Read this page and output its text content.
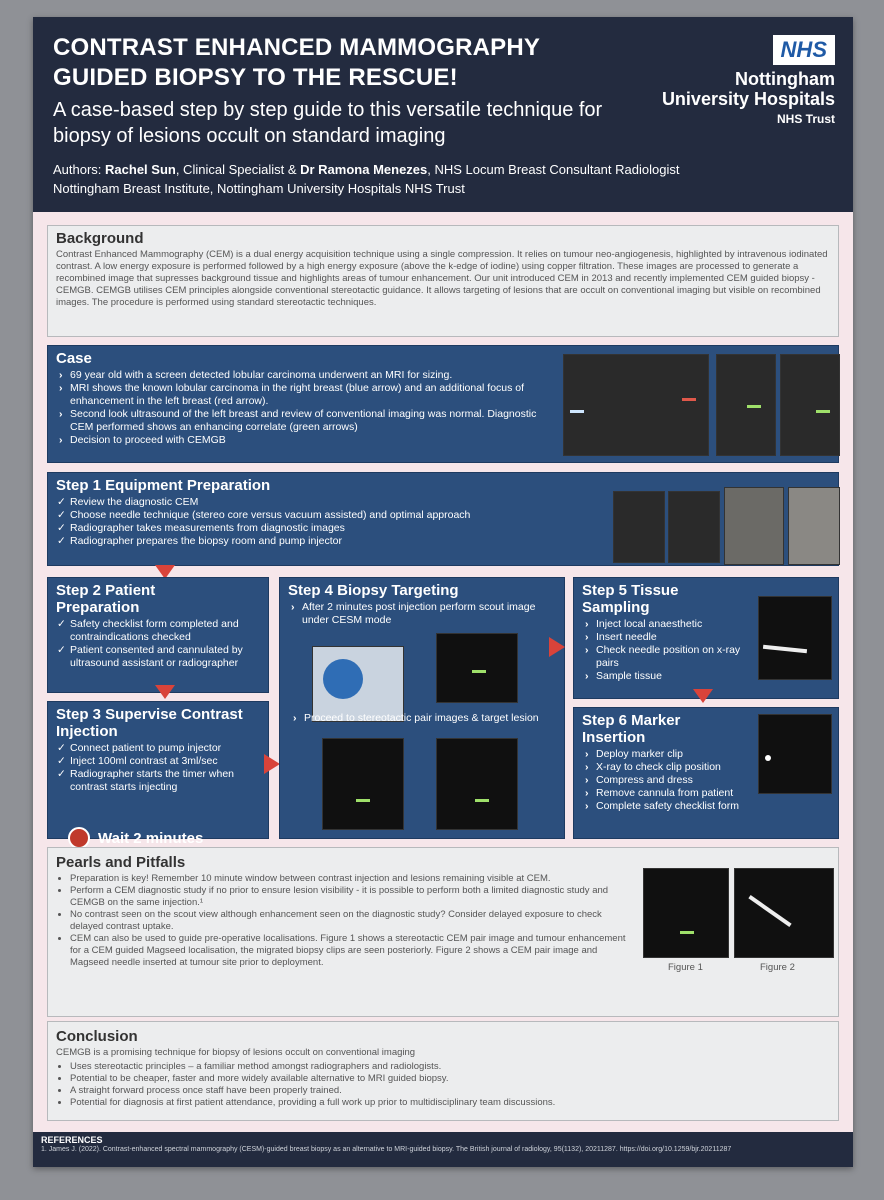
CONTRAST ENHANCED MAMMOGRAPHY
GUIDED BIOPSY TO THE RESCUE!
A case-based step by step guide to this versatile technique for biopsy of lesions occult on standard imaging
Authors: Rachel Sun, Clinical Specialist & Dr Ramona Menezes, NHS Locum Breast Consultant Radiologist
Nottingham Breast Institute, Nottingham University Hospitals NHS Trust
NHS
Nottingham
University Hospitals
NHS Trust
Background

Contrast Enhanced Mammography (CEM) is a dual energy acquisition technique using a single compression. It relies on tumour neo-angiogenesis, highlighted by intravenous iodinated contrast. A low energy exposure is performed followed by a high energy exposure (above the k-edge of iodine) using copper filtration. These images are processed to generate a recombined image that supresses background tissue and highlights areas of tumour enhancement. Our unit introduced CEM in 2013 and recently implemented CEM guided biopsy - CEMGB. CEMGB utilises CEM principles alongside conventional stereotactic guidance. It allows targeting of lesions that are occult on conventional imaging but visible on recombined images. The procedure is performed using standard stereotactic techniques.

Case
› 69 year old with a screen detected lobular carcinoma underwent an MRI for sizing.
› MRI shows the known lobular carcinoma in the right breast (blue arrow) and an additional focus of enhancement in the left breast (red arrow).
› Second look ultrasound of the left breast and review of conventional imaging was normal. Diagnostic CEM performed shows an enhancing correlate (green arrows)
› Decision to proceed with CEMGB
Step 1 Equipment Preparation
✓ Review the diagnostic CEM
✓ Choose needle technique (stereo core versus vacuum assisted) and optimal approach
✓ Radiographer takes measurements from diagnostic images
✓ Radiographer prepares the biopsy room and pump injector
Step 2 Patient
Preparation
✓ Safety checklist form completed and contraindications checked
✓ Patient consented and cannulated by ultrasound assistant or radiographer
Step 3 Supervise Contrast
Injection
✓ Connect patient to pump injector
✓ Inject 100ml contrast at 3ml/sec
✓ Radiographer starts the timer when contrast starts injecting
Wait 2 minutes
Step 4 Biopsy Targeting
› After 2 minutes post injection perform scout image under CESM mode
› Proceed to stereotactic pair images & target lesion
Step 5 Tissue
Sampling
› Inject local anaesthetic
› Insert needle
› Check needle position on x-ray pairs
› Sample tissue
Step 6 Marker
Insertion
› Deploy marker clip
› X-ray to check clip position
› Compress and dress
› Remove cannula from patient
› Complete safety checklist form
Pearls and Pitfalls
• Preparation is key! Remember 10 minute window between contrast injection and lesions remaining visible at CEM.
• Perform a CEM diagnostic study if no prior to ensure lesion visibility - it is possible to perform both a limited diagnostic study and CEMGB on the same injection.¹
• No contrast seen on the scout view although enhancement seen on the diagnostic study? Consider delayed exposure to check delayed contrast uptake.
• CEM can also be used to guide pre-operative localisations. Figure 1 shows a stereotactic CEM pair image and tumour enhancement for a CEM guided Magseed localisation, the migrated biopsy clips are seen posteriorly. Figure 2 shows a CEM pair image and Magseed needle inserted at tumour site prior to deployment.	Figure 1	Figure 2
Conclusion

CEMGB is a promising technique for biopsy of lesions occult on conventional imaging

• Uses stereotactic principles – a familiar method amongst radiographers and radiologists.
• Potential to be cheaper, faster and more widely available alternative to MRI guided biopsy.
• A straight forward process once staff have been properly trained.
• Potential for diagnosis at first patient attendance, providing a full work up prior to multidisciplinary team discussions.
REFERENCES
1. James J. (2022). Contrast-enhanced spectral mammography (CESM)-guided breast biopsy as an alternative to MRI-guided biopsy. The British journal of radiology, 95(1132), 20211287. https://doi.org/10.1259/bjr.20211287
